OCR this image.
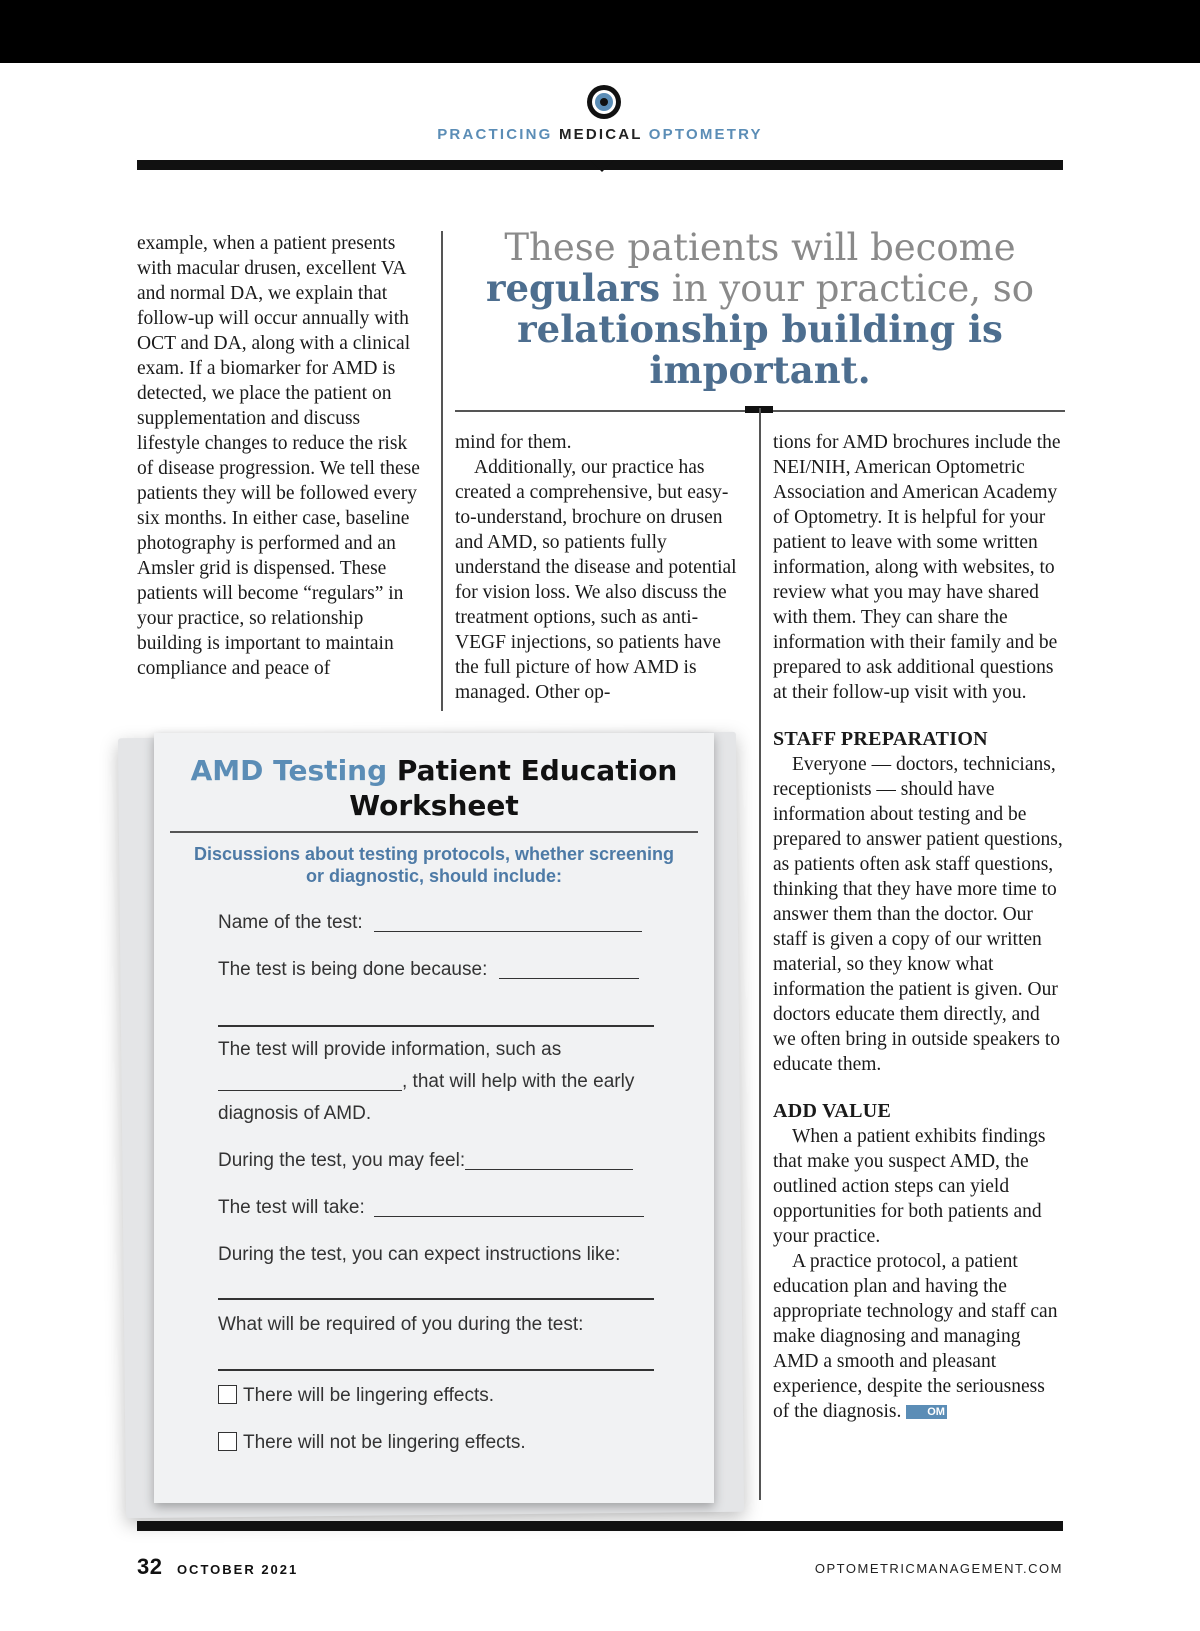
PRACTICING MEDICAL OPTOMETRY

example, when a patient presents with macular drusen, excellent VA and normal DA, we explain that follow-up will occur annually with OCT and DA, along with a clinical exam. If a biomarker for AMD is detected, we place the patient on supplementation and discuss lifestyle changes to reduce the risk of disease progression. We tell these patients they will be followed every six months. In either case, baseline photography is performed and an Amsler grid is dispensed. These patients will become “regulars” in your practice, so relationship building is important to maintain compliance and peace of

These patients will become regulars in your practice, so relationship building is important.

mind for them.

Additionally, our practice has created a comprehensive, but easy-to-understand, brochure on drusen and AMD, so patients fully understand the disease and potential for vision loss. We also discuss the treatment options, such as anti-VEGF injections, so patients have the full picture of how AMD is managed. Other op-

tions for AMD brochures include the NEI/NIH, American Optometric Association and American Academy of Optometry. It is helpful for your patient to leave with some written information, along with websites, to review what you may have shared with them. They can share the information with their family and be prepared to ask additional questions at their follow-up visit with you.

STAFF PREPARATION

Everyone — doctors, technicians, receptionists — should have information about testing and be prepared to answer patient questions, as patients often ask staff questions, thinking that they have more time to answer them than the doctor. Our staff is given a copy of our written material, so they know what information the patient is given. Our doctors educate them directly, and we often bring in outside speakers to educate them.

ADD VALUE

When a patient exhibits findings that make you suspect AMD, the outlined action steps can yield opportunities for both patients and your practice.

A practice protocol, a patient education plan and having the appropriate technology and staff can make diagnosing and managing AMD a smooth and pleasant experience, despite the seriousness of the diagnosis. OM

AMD Testing Patient Education Worksheet
Discussions about testing protocols, whether screening or diagnostic, should include:
Name of the test:
The test is being done because:
The test will provide information, such as
, that will help with the early
diagnosis of AMD.
During the test, you may feel:
The test will take:
During the test, you can expect instructions like:
What will be required of you during the test:
There will be lingering effects.
There will not be lingering effects.
32 OCTOBER 2021	OPTOMETRICMANAGEMENT.COM
